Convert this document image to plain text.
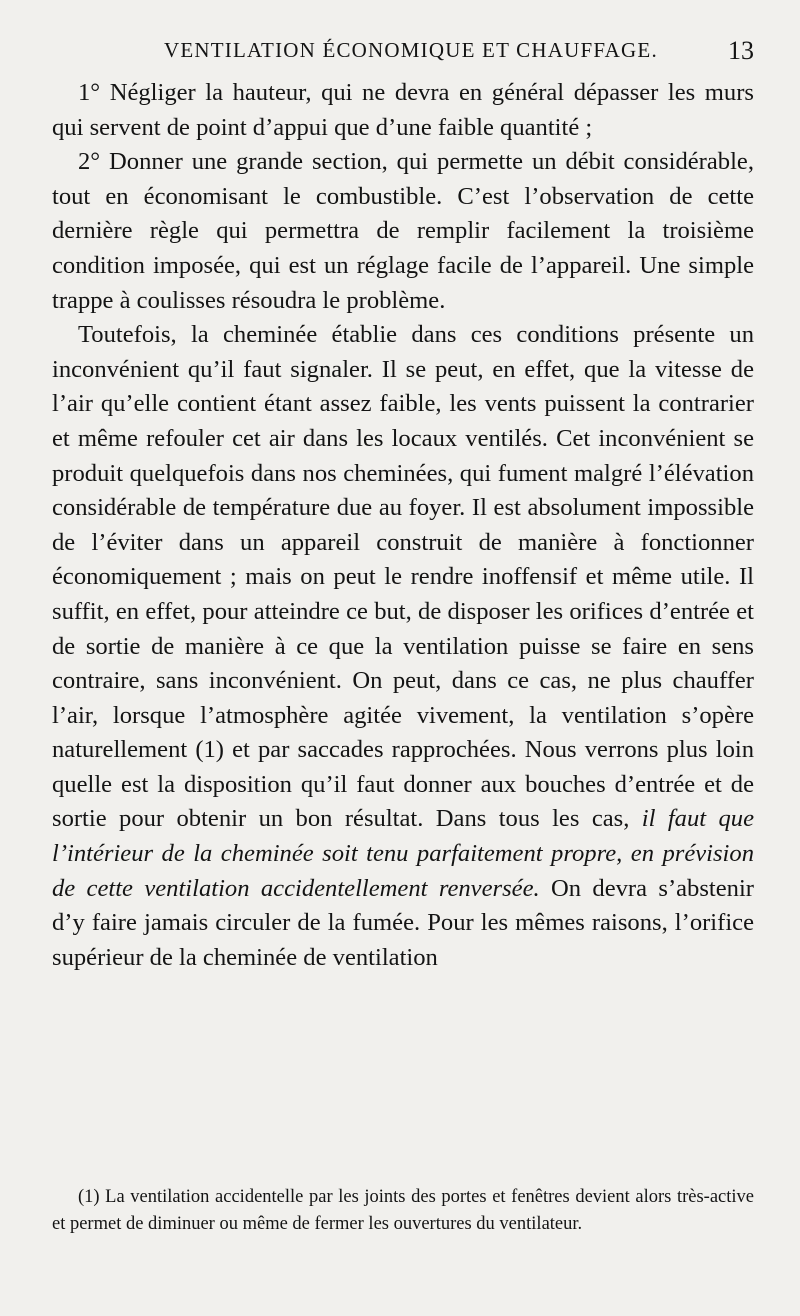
VENTILATION ÉCONOMIQUE ET CHAUFFAGE.	13

1° Négliger la hauteur, qui ne devra en général dépasser les murs qui servent de point d’appui que d’une faible quantité ;

2° Donner une grande section, qui permette un débit considérable, tout en économisant le combustible. C’est l’observation de cette dernière règle qui permettra de remplir facilement la troisième condition imposée, qui est un réglage facile de l’appareil. Une simple trappe à coulisses résoudra le problème.

Toutefois, la cheminée établie dans ces conditions présente un inconvénient qu’il faut signaler. Il se peut, en effet, que la vitesse de l’air qu’elle contient étant assez faible, les vents puissent la contrarier et même refouler cet air dans les locaux ventilés. Cet inconvénient se produit quelquefois dans nos cheminées, qui fument malgré l’élévation considérable de température due au foyer. Il est absolument impossible de l’éviter dans un appareil construit de manière à fonctionner économiquement ; mais on peut le rendre inoffensif et même utile. Il suffit, en effet, pour atteindre ce but, de disposer les orifices d’entrée et de sortie de manière à ce que la ventilation puisse se faire en sens contraire, sans inconvénient. On peut, dans ce cas, ne plus chauffer l’air, lorsque l’atmosphère agitée vivement, la ventilation s’opère naturellement (1) et par saccades rapprochées. Nous verrons plus loin quelle est la disposition qu’il faut donner aux bouches d’entrée et de sortie pour obtenir un bon résultat. Dans tous les cas, il faut que l’intérieur de la cheminée soit tenu parfaitement propre, en prévision de cette ventilation accidentellement renversée. On devra s’abstenir d’y faire jamais circuler de la fumée. Pour les mêmes raisons, l’orifice supérieur de la cheminée de ventilation

(1) La ventilation accidentelle par les joints des portes et fenêtres devient alors très-active et permet de diminuer ou même de fermer les ouvertures du ventilateur.
